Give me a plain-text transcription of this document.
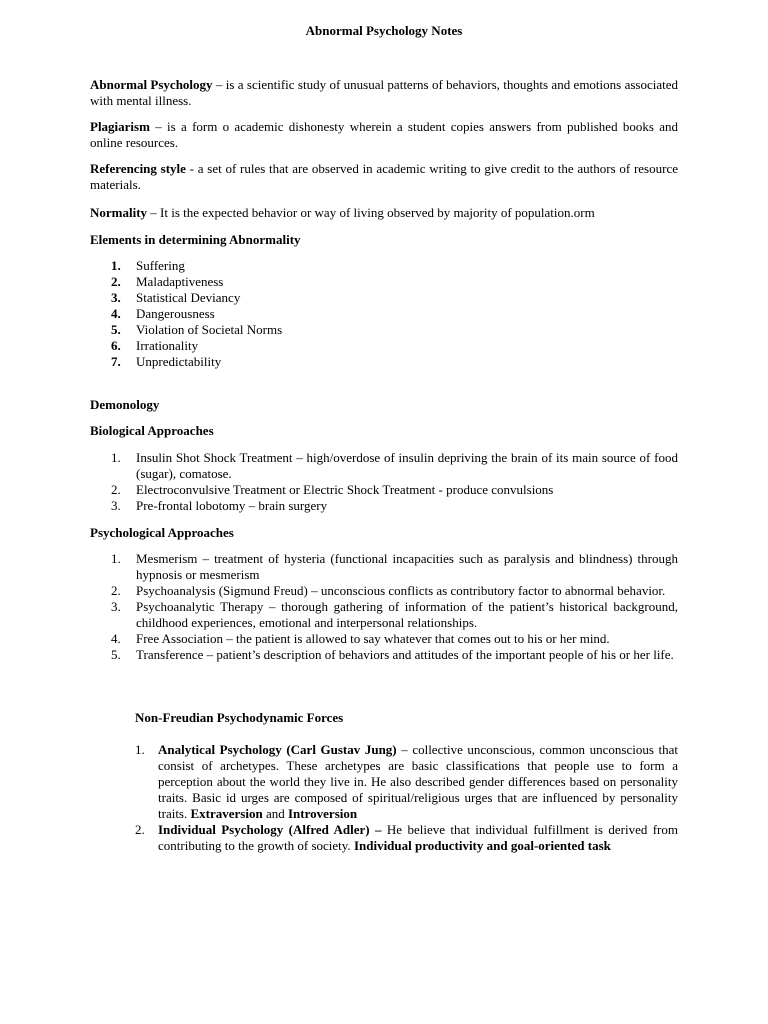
Abnormal Psychology Notes

Abnormal Psychology – is a scientific study of unusual patterns of behaviors, thoughts and emotions associated with mental illness.

Plagiarism – is a form o academic dishonesty wherein a student copies answers from published books and online resources.

Referencing style - a set of rules that are observed in academic writing to give credit to the authors of resource materials.

Normality – It is the expected behavior or way of living observed by majority of population.orm

Elements in determining Abnormality
1. Suffering
2. Maladaptiveness
3. Statistical Deviancy
4. Dangerousness
5. Violation of Societal Norms
6. Irrationality
7. Unpredictability
Demonology
Biological Approaches
1. Insulin Shot Shock Treatment – high/overdose of insulin depriving the brain of its main source of food (sugar), comatose.
2. Electroconvulsive Treatment or Electric Shock Treatment - produce convulsions
3. Pre-frontal lobotomy – brain surgery
Psychological Approaches
1. Mesmerism – treatment of hysteria (functional incapacities such as paralysis and blindness) through hypnosis or mesmerism
2. Psychoanalysis (Sigmund Freud) – unconscious conflicts as contributory factor to abnormal behavior.
3. Psychoanalytic Therapy – thorough gathering of information of the patient’s historical background, childhood experiences, emotional and interpersonal relationships.
4. Free Association – the patient is allowed to say whatever that comes out to his or her mind.
5. Transference – patient’s description of behaviors and attitudes of the important people of his or her life.
Non-Freudian Psychodynamic Forces
1. Analytical Psychology (Carl Gustav Jung) – collective unconscious, common unconscious that consist of archetypes. These archetypes are basic classifications that people use to form a perception about the world they live in. He also described gender differences based on personality traits. Basic id urges are composed of spiritual/religious urges that are influenced by personality traits. Extraversion and Introversion
2. Individual Psychology (Alfred Adler) – He believe that individual fulfillment is derived from contributing to the growth of society. Individual productivity and goal-oriented task
